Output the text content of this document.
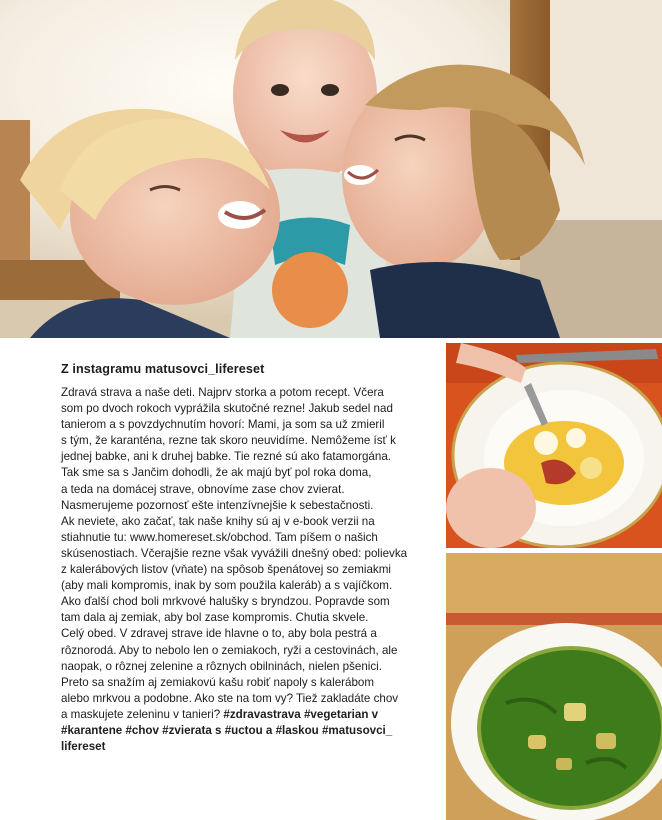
Z instagramu matusovci_lifereset
Zdravá strava a naše deti. Najprv storka a potom recept. Včera
som po dvoch rokoch vyprážila skutočné rezne! Jakub sedel nad
tanierom a s povzdychnutím hovorí: Mami, ja som sa už zmieril
s tým, že karanténa, rezne tak skoro neuvidíme. Nemôžeme ísť k
jednej babke, ani k druhej babke. Tie rezné sú ako fatamorgána.
Tak sme sa s Jančim dohodli, že ak majú byť pol roka doma,
a teda na domácej strave, obnovíme zase chov zvierat.
Nasmerujeme pozornosť ešte intenzívnejšie k sebestačnosti.
Ak neviete, ako začať, tak naše knihy sú aj v e-book verzii na
stiahnutie tu: www.homereset.sk/obchod. Tam píšem o našich
skúsenostiach. Včerajšie rezne však vyvážili dnešný obed: polievka
z kalerábových listov (vňate) na spôsob špenátovej so zemiakmi
(aby mali kompromis, inak by som použila kaleráb) a s vajíčkom.
Ako ďalší chod boli mrkvové halušky s bryndzou. Popravde som
tam dala aj zemiak, aby bol zase kompromis. Chutia skvele.
Celý obed. V zdravej strave ide hlavne o to, aby bola pestrá a
rôznorodá. Aby to nebolo len o zemiakoch, ryži a cestovinách, ale
naopak, o rôznej zelenine a rôznych obilninách, nielen pšenici.
Preto sa snažím aj zemiakovú kašu robiť napoly s kalerábom
alebo mrkvou a podobne. Ako ste na tom vy? Tiež zakladáte chov
a maskujete zeleninu v tanieri? #zdravastrava #vegetarian v
#karantene #chov #zvierata s #uctou a #laskou #matusovci_
lifereset
